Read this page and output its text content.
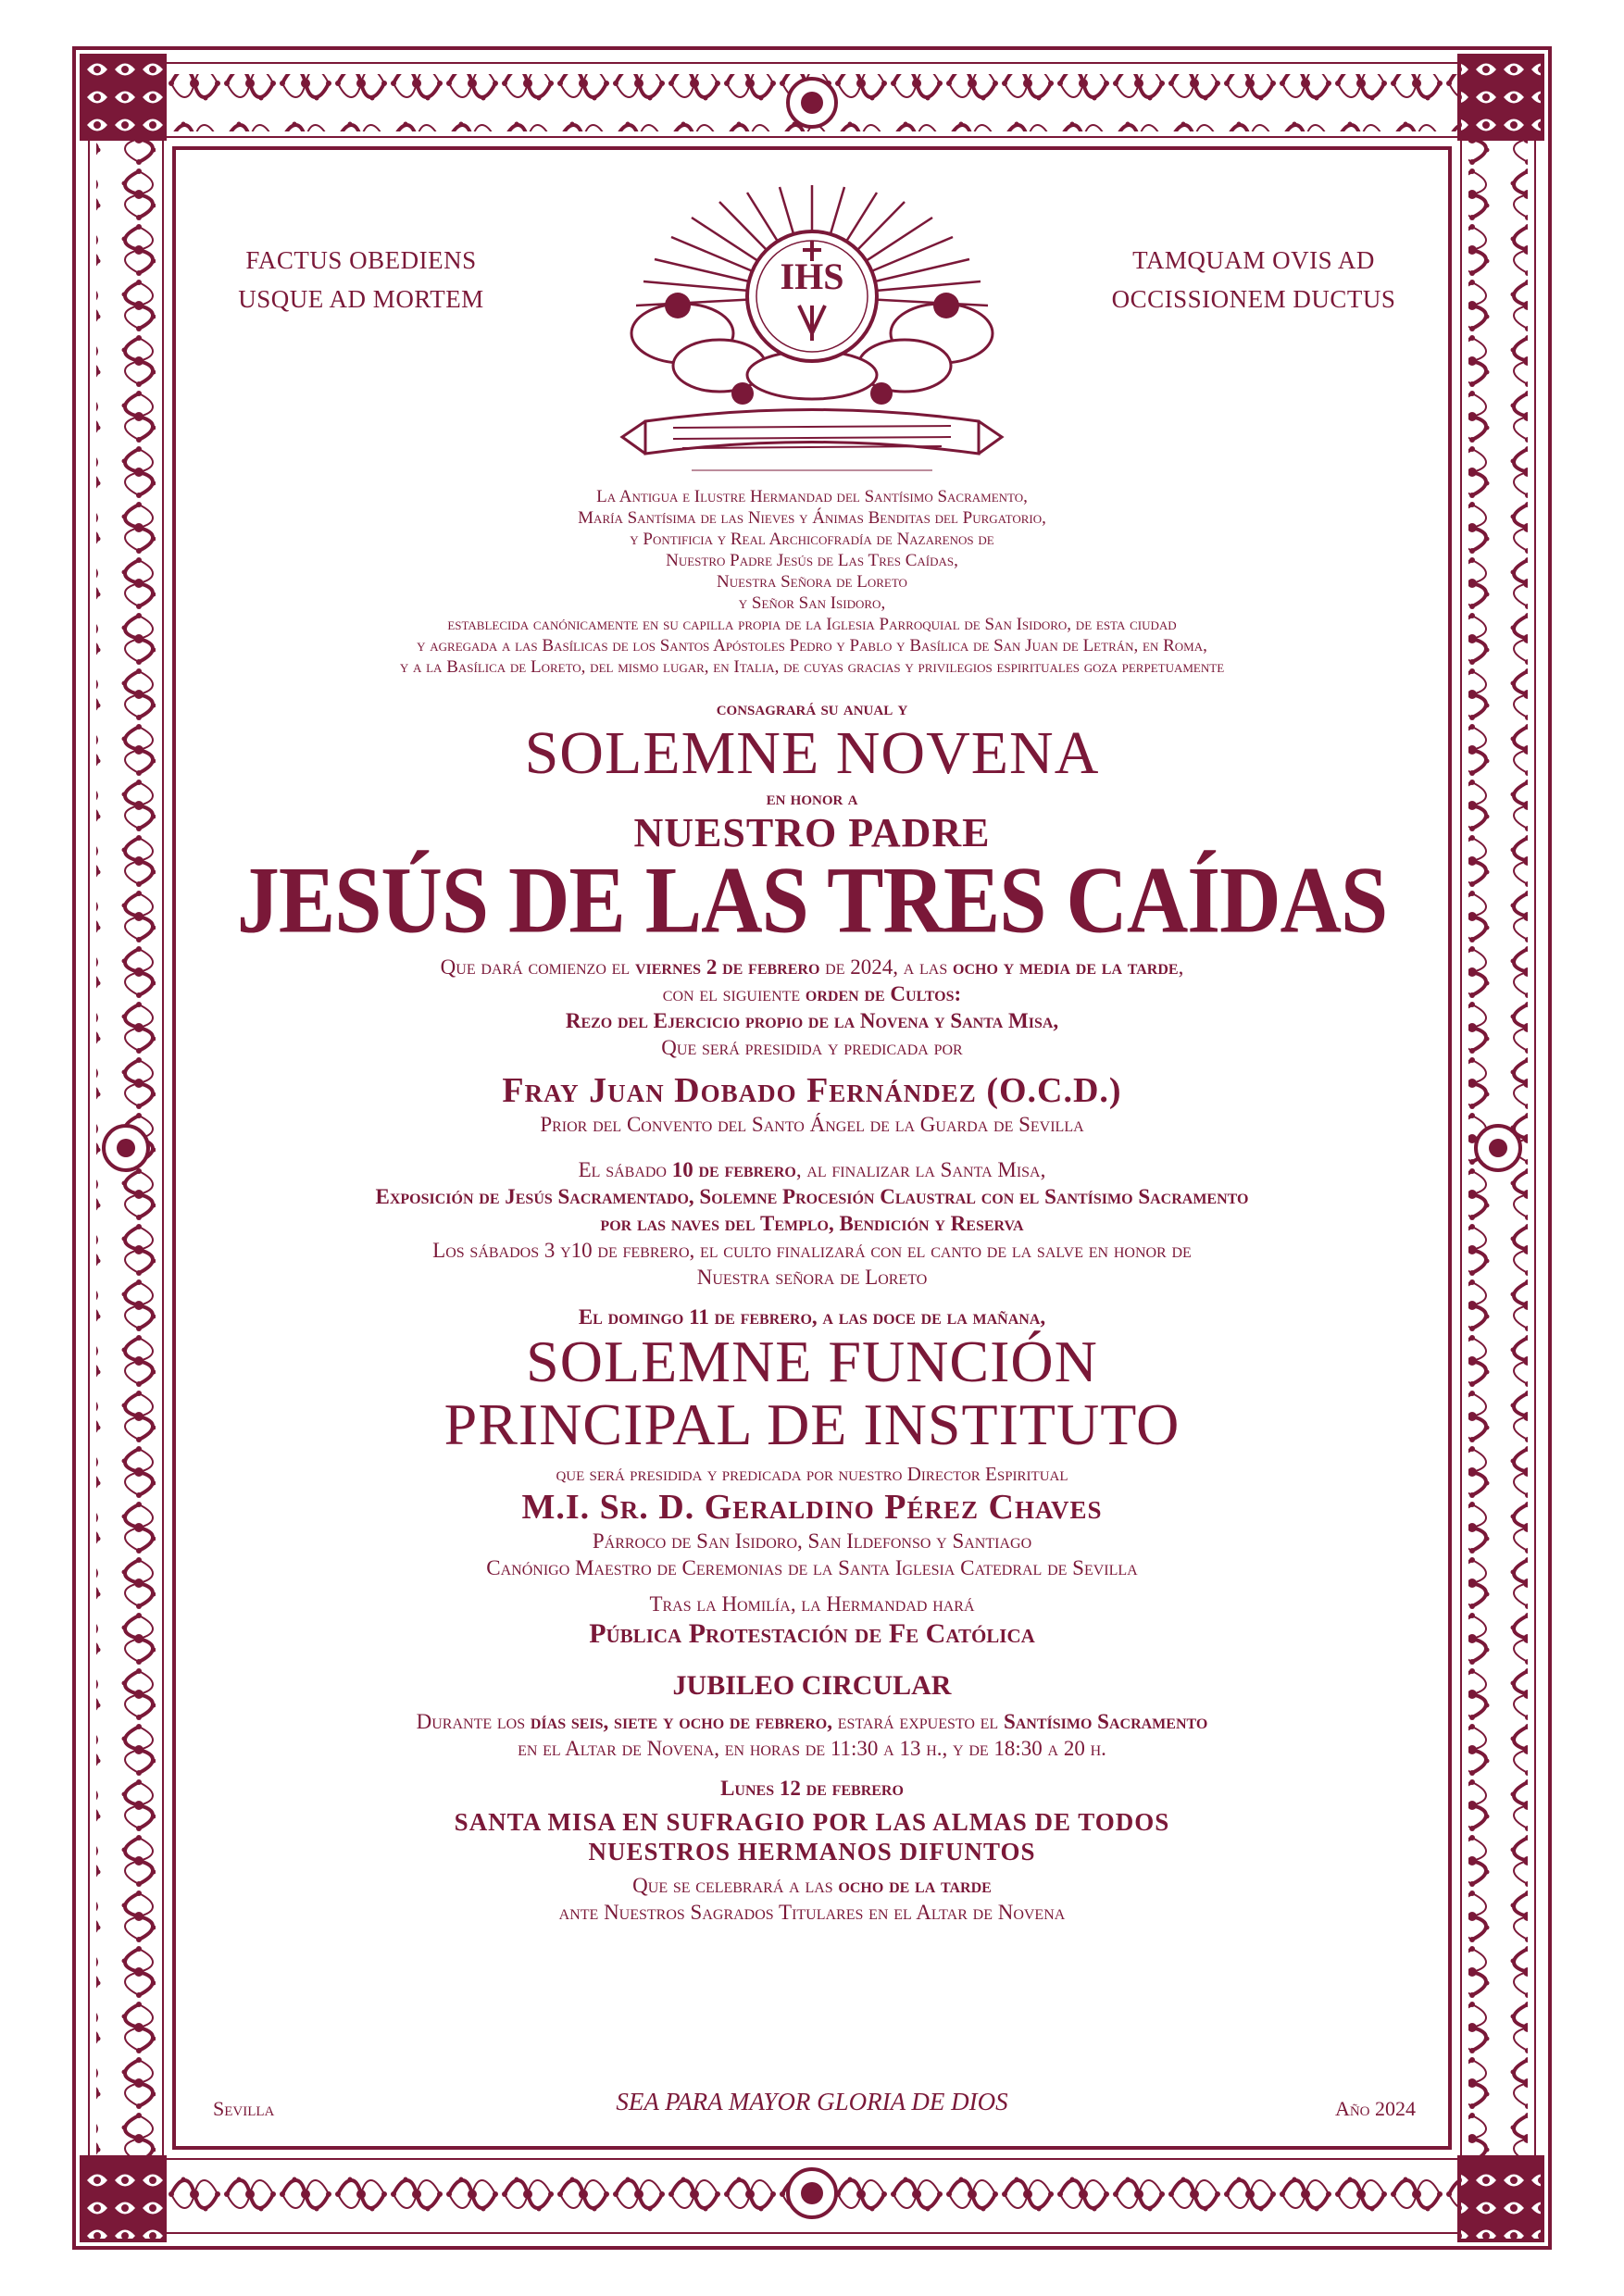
FACTUS OBEDIENS
USQUE AD MORTEM
IHS	TAMQUAM OVIS AD
OCCISSIONEM DUCTUS

La Antigua e Ilustre Hermandad del Santísimo Sacramento,

María Santísima de las Nieves y Ánimas Benditas del Purgatorio,

y Pontificia y Real Archicofradía de Nazarenos de

Nuestro Padre Jesús de Las Tres Caídas,

Nuestra Señora de Loreto

y Señor San Isidoro,

establecida canónicamente en su capilla propia de la Iglesia Parroquial de San Isidoro, de esta ciudad

y agregada a las Basílicas de los Santos Apóstoles Pedro y Pablo y Basílica de San Juan de Letrán, en Roma,

y a la Basílica de Loreto, del mismo lugar, en Italia, de cuyas gracias y privilegios espirituales goza perpetuamente

consagrará su anual y

SOLEMNE NOVENA

en honor a

NUESTRO PADRE

JESÚS DE LAS TRES CAÍDAS

Que dará comienzo el viernes 2 de febrero de 2024, a las ocho y media de la tarde,

con el siguiente orden de Cultos:

Rezo del Ejercicio propio de la Novena y Santa Misa,

Que será presidida y predicada por

Fray Juan Dobado Fernández (O.C.D.)

Prior del Convento del Santo Ángel de la Guarda de Sevilla

El sábado 10 de febrero, al finalizar la Santa Misa,

Exposición de Jesús Sacramentado, Solemne Procesión Claustral con el Santísimo Sacramento

por las naves del Templo, Bendición y Reserva

Los sábados 3 y10 de febrero, el culto finalizará con el canto de la salve en honor de

Nuestra señora de Loreto

El domingo 11 de febrero, a las doce de la mañana,

SOLEMNE FUNCIÓN

PRINCIPAL DE INSTITUTO

que será presidida y predicada por nuestro Director Espiritual

M.I. Sr. D. Geraldino Pérez Chaves

Párroco de San Isidoro, San Ildefonso y Santiago

Canónigo Maestro de Ceremonias de la Santa Iglesia Catedral de Sevilla

Tras la Homilía, la Hermandad hará

Pública Protestación de Fe Católica

JUBILEO CIRCULAR

Durante los días seis, siete y ocho de febrero, estará expuesto el Santísimo Sacramento

en el Altar de Novena, en horas de 11:30 a 13 h., y de 18:30 a 20 h.

Lunes 12 de febrero

SANTA MISA EN SUFRAGIO POR LAS ALMAS DE TODOS

NUESTROS HERMANOS DIFUNTOS

Que se celebrará a las ocho de la tarde

ante Nuestros Sagrados Titulares en el Altar de Novena

Sevilla	SEA PARA MAYOR GLORIA DE DIOS	Año 2024
